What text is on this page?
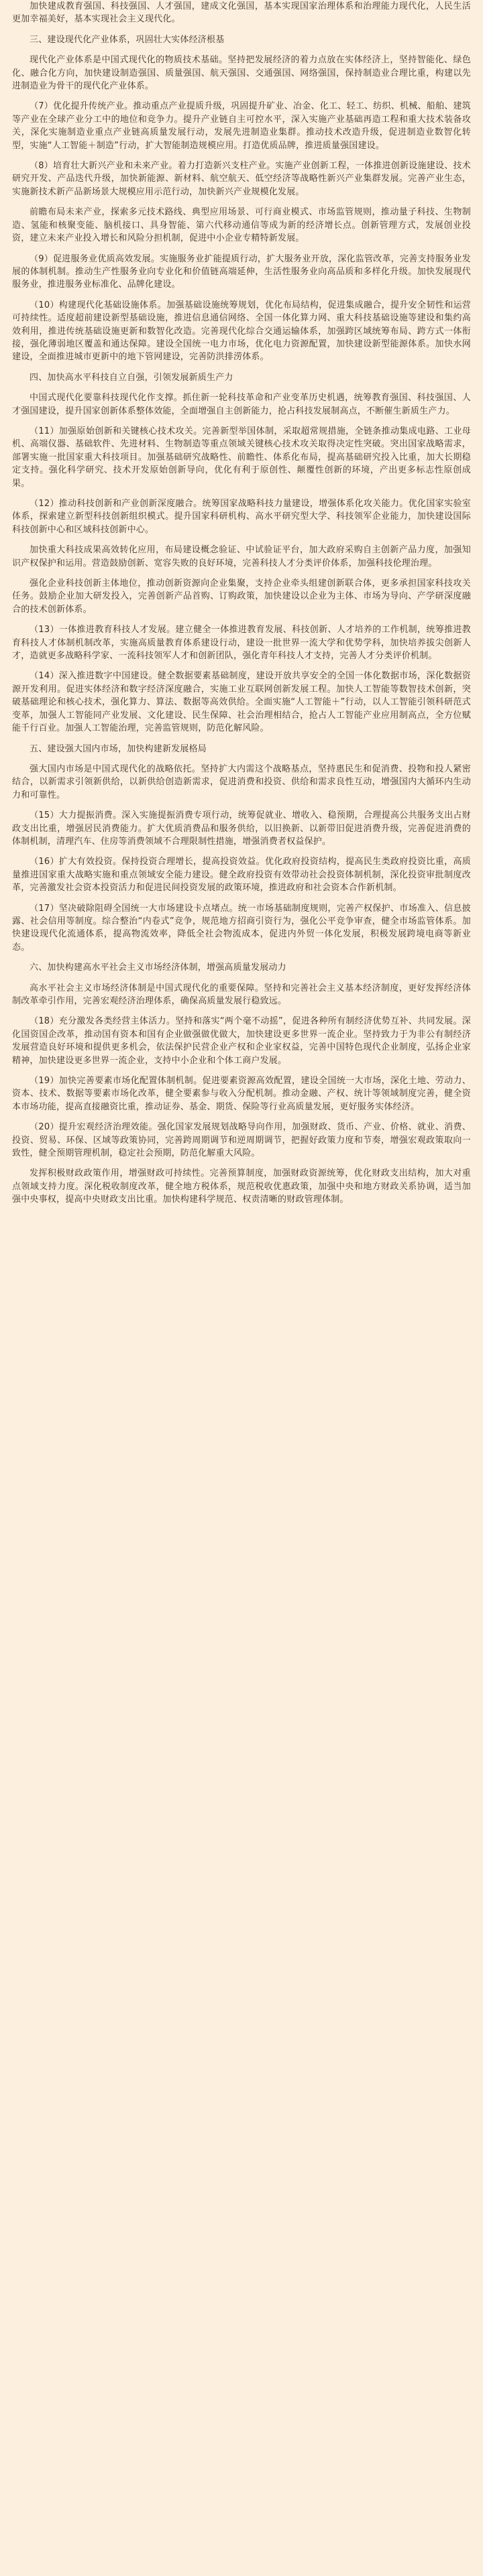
加快建成教育强国、科技强国、人才强国，建成文化强国，基本实现国家治理体系和治理能力现代化，人民生活更加幸福美好，基本实现社会主义现代化。

三、建设现代化产业体系，巩固壮大实体经济根基

现代化产业体系是中国式现代化的物质技术基础。坚持把发展经济的着力点放在实体经济上，坚持智能化、绿色化、融合化方向，加快建设制造强国、质量强国、航天强国、交通强国、网络强国，保持制造业合理比重，构建以先进制造业为骨干的现代化产业体系。

（7）优化提升传统产业。推动重点产业提质升级，巩固提升矿业、冶金、化工、轻工、纺织、机械、船舶、建筑等产业在全球产业分工中的地位和竞争力。提升产业链自主可控水平，深入实施产业基础再造工程和重大技术装备攻关，深化实施制造业重点产业链高质量发展行动，发展先进制造业集群。推动技术改造升级，促进制造业数智化转型，实施“人工智能＋制造”行动，扩大智能制造规模应用。打造优质品牌，推进质量强国建设。

（8）培育壮大新兴产业和未来产业。着力打造新兴支柱产业。实施产业创新工程，一体推进创新设施建设、技术研究开发、产品迭代升级，加快新能源、新材料、航空航天、低空经济等战略性新兴产业集群发展。完善产业生态，实施新技术新产品新场景大规模应用示范行动，加快新兴产业规模化发展。

前瞻布局未来产业，探索多元技术路线、典型应用场景、可行商业模式、市场监管规则，推动量子科技、生物制造、氢能和核聚变能、脑机接口、具身智能、第六代移动通信等成为新的经济增长点。创新管理方式，发展创业投资，建立未来产业投入增长和风险分担机制，促进中小企业专精特新发展。

（9）促进服务业优质高效发展。实施服务业扩能提质行动，扩大服务业开放，深化监管改革，完善支持服务业发展的体制机制。推动生产性服务业向专业化和价值链高端延伸，生活性服务业向高品质和多样化升级。加快发展现代服务业，推进服务业标准化、品牌化建设。

（10）构建现代化基础设施体系。加强基础设施统筹规划，优化布局结构，促进集成融合，提升安全韧性和运营可持续性。适度超前建设新型基础设施，推进信息通信网络、全国一体化算力网、重大科技基础设施等建设和集约高效利用，推进传统基础设施更新和数智化改造。完善现代化综合交通运输体系，加强跨区域统筹布局、跨方式一体衔接，强化薄弱地区覆盖和通达保障。建设全国统一电力市场，优化电力资源配置，加快建设新型能源体系。加快水网建设，全面推进城市更新中的地下管网建设，完善防洪排涝体系。

四、加快高水平科技自立自强，引领发展新质生产力

中国式现代化要靠科技现代化作支撑。抓住新一轮科技革命和产业变革历史机遇，统筹教育强国、科技强国、人才强国建设，提升国家创新体系整体效能，全面增强自主创新能力，抢占科技发展制高点，不断催生新质生产力。

（11）加强原始创新和关键核心技术攻关。完善新型举国体制，采取超常规措施，全链条推动集成电路、工业母机、高端仪器、基础软件、先进材料、生物制造等重点领域关键核心技术攻关取得决定性突破。突出国家战略需求，部署实施一批国家重大科技项目。加强基础研究战略性、前瞻性、体系化布局，提高基础研究投入比重，加大长期稳定支持。强化科学研究、技术开发原始创新导向，优化有利于原创性、颠覆性创新的环境，产出更多标志性原创成果。

（12）推动科技创新和产业创新深度融合。统筹国家战略科技力量建设，增强体系化攻关能力。优化国家实验室体系，探索建立新型科技创新组织模式。提升国家科研机构、高水平研究型大学、科技领军企业能力，加快建设国际科技创新中心和区域科技创新中心。

加快重大科技成果高效转化应用，布局建设概念验证、中试验证平台，加大政府采购自主创新产品力度，加强知识产权保护和运用。营造鼓励创新、宽容失败的良好环境，完善科技人才分类评价体系，加强科技伦理治理。

强化企业科技创新主体地位，推动创新资源向企业集聚，支持企业牵头组建创新联合体，更多承担国家科技攻关任务。鼓励企业加大研发投入，完善创新产品首购、订购政策，加快建设以企业为主体、市场为导向、产学研深度融合的技术创新体系。

（13）一体推进教育科技人才发展。建立健全一体推进教育发展、科技创新、人才培养的工作机制，统筹推进教育科技人才体制机制改革，实施高质量教育体系建设行动，建设一批世界一流大学和优势学科，加快培养拔尖创新人才，造就更多战略科学家、一流科技领军人才和创新团队，强化青年科技人才支持，完善人才分类评价机制。

（14）深入推进数字中国建设。健全数据要素基础制度，建设开放共享安全的全国一体化数据市场，深化数据资源开发利用。促进实体经济和数字经济深度融合，实施工业互联网创新发展工程。加快人工智能等数智技术创新，突破基础理论和核心技术，强化算力、算法、数据等高效供给。全面实施“人工智能＋”行动，以人工智能引领科研范式变革，加强人工智能同产业发展、文化建设、民生保障、社会治理相结合，抢占人工智能产业应用制高点，全方位赋能千行百业。加强人工智能治理，完善监管规则，防范化解风险。

五、建设强大国内市场，加快构建新发展格局

强大国内市场是中国式现代化的战略依托。坚持扩大内需这个战略基点，坚持惠民生和促消费、投物和投人紧密结合，以新需求引领新供给，以新供给创造新需求，促进消费和投资、供给和需求良性互动，增强国内大循环内生动力和可靠性。

（15）大力提振消费。深入实施提振消费专项行动，统筹促就业、增收入、稳预期，合理提高公共服务支出占财政支出比重，增强居民消费能力。扩大优质消费品和服务供给，以旧换新、以新带旧促进消费升级，完善促进消费的体制机制，清理汽车、住房等消费领域不合理限制性措施，增强消费者权益保护。

（16）扩大有效投资。保持投资合理增长，提高投资效益。优化政府投资结构，提高民生类政府投资比重，高质量推进国家重大战略实施和重点领域安全能力建设。健全政府投资有效带动社会投资体制机制，深化投资审批制度改革，完善激发社会资本投资活力和促进民间投资发展的政策环境，推进政府和社会资本合作新机制。

（17）坚决破除阻碍全国统一大市场建设卡点堵点。统一市场基础制度规则，完善产权保护、市场准入、信息披露、社会信用等制度。综合整治“内卷式”竞争，规范地方招商引资行为，强化公平竞争审查，健全市场监管体系。加快建设现代化流通体系，提高物流效率，降低全社会物流成本，促进内外贸一体化发展，积极发展跨境电商等新业态。

六、加快构建高水平社会主义市场经济体制，增强高质量发展动力

高水平社会主义市场经济体制是中国式现代化的重要保障。坚持和完善社会主义基本经济制度，更好发挥经济体制改革牵引作用，完善宏观经济治理体系，确保高质量发展行稳致远。

（18）充分激发各类经营主体活力。坚持和落实“两个毫不动摇”，促进各种所有制经济优势互补、共同发展。深化国资国企改革，推动国有资本和国有企业做强做优做大，加快建设更多世界一流企业。坚持致力于为非公有制经济发展营造良好环境和提供更多机会，依法保护民营企业产权和企业家权益，完善中国特色现代企业制度，弘扬企业家精神，加快建设更多世界一流企业，支持中小企业和个体工商户发展。

（19）加快完善要素市场化配置体制机制。促进要素资源高效配置，建设全国统一大市场，深化土地、劳动力、资本、技术、数据等要素市场化改革，健全要素参与收入分配机制。推动金融、产权、统计等领域制度完善，健全资本市场功能，提高直接融资比重，推动证券、基金、期货、保险等行业高质量发展，更好服务实体经济。

（20）提升宏观经济治理效能。强化国家发展规划战略导向作用，加强财政、货币、产业、价格、就业、消费、投资、贸易、环保、区域等政策协同，完善跨周期调节和逆周期调节，把握好政策力度和节奏，增强宏观政策取向一致性，健全预期管理机制，稳定社会预期，防范化解重大风险。

发挥积极财政政策作用，增强财政可持续性。完善预算制度，加强财政资源统筹，优化财政支出结构，加大对重点领域支持力度。深化税收制度改革，健全地方税体系，规范税收优惠政策，加强中央和地方财政关系协调，适当加强中央事权，提高中央财政支出比重。加快构建科学规范、权责清晰的财政管理体制。
